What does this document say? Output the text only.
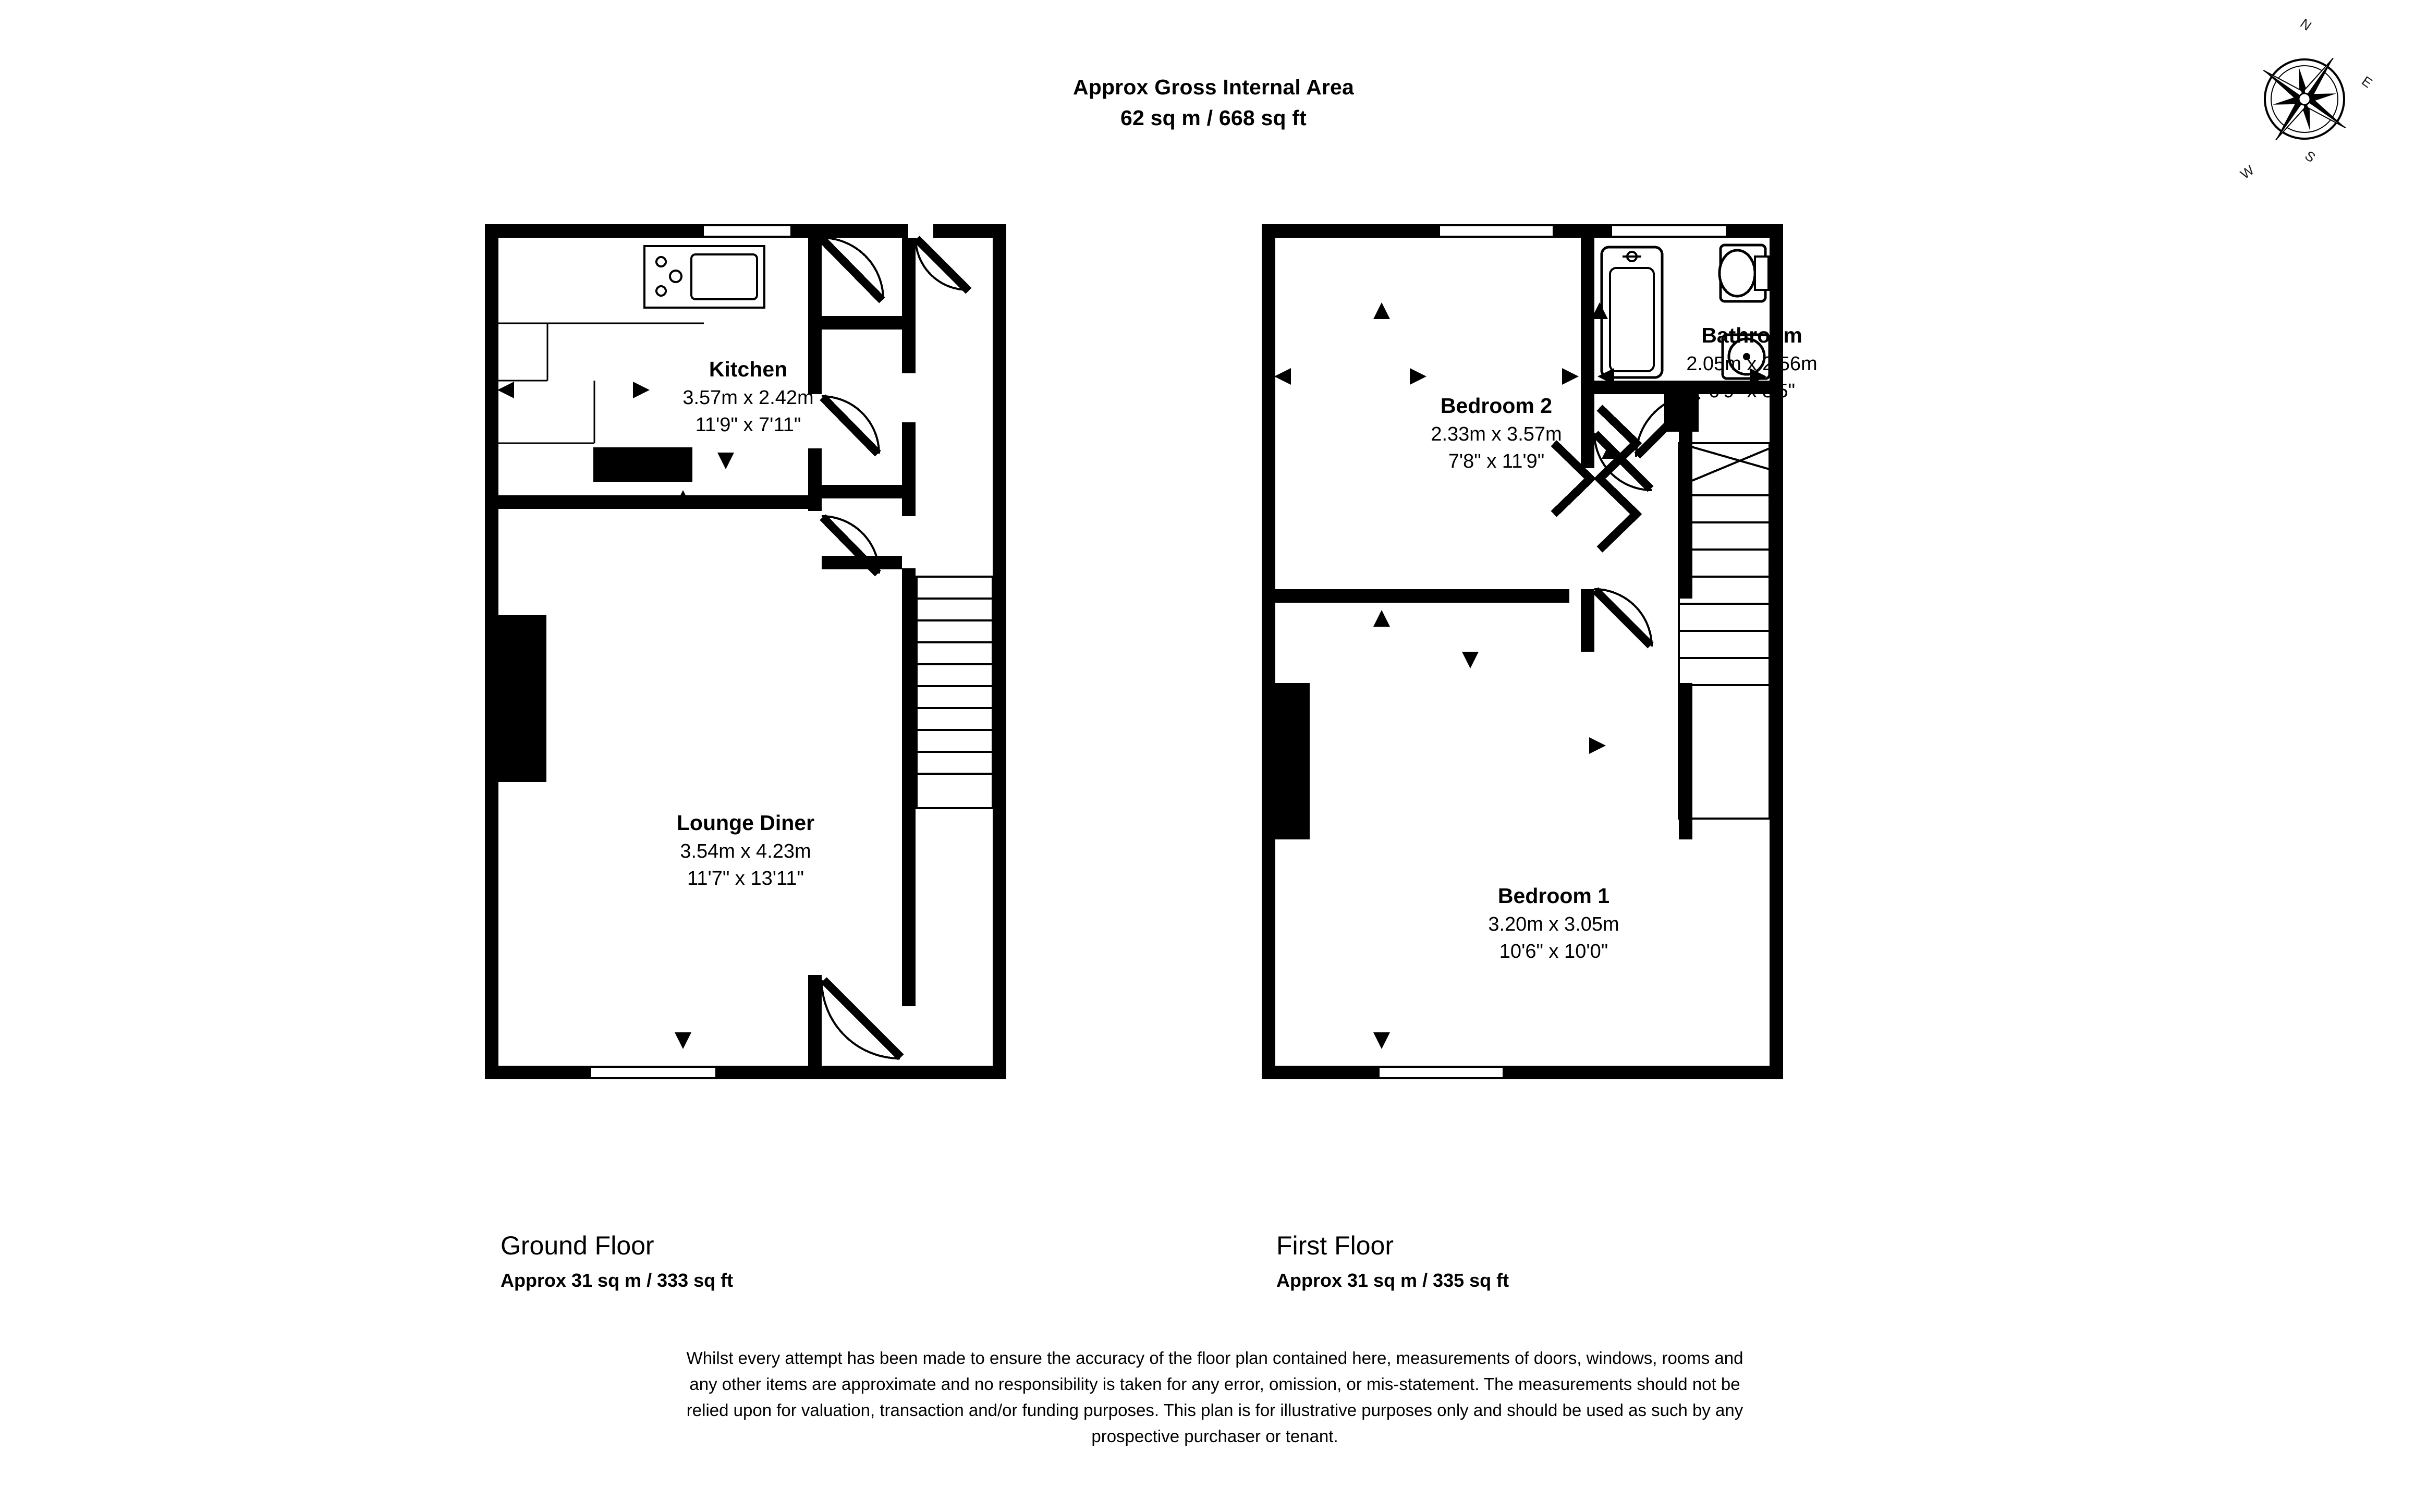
Approx Gross Internal Area
62 sq m / 668 sq ft
N
E
S
W
Kitchen
3.57m x 2.42m
11'9" x 7'11"
Lounge Diner
3.54m x 4.23m
11'7" x 13'11"
Bedroom 2
2.33m x 3.57m
7'8" x 11'9"
Bathroom
2.05m x 2.56m
6'9" x 8'5"
Bedroom 1
3.20m x 3.05m
10'6" x 10'0"
Ground Floor
Approx 31 sq m / 333 sq ft
First Floor
Approx 31 sq m / 335 sq ft
Whilst every attempt has been made to ensure the accuracy of the floor plan contained here, measurements of doors, windows, rooms and
any other items are approximate and no responsibility is taken for any error, omission, or mis-statement. The measurements should not be
relied upon for valuation, transaction and/or funding purposes. This plan is for illustrative purposes only and should be used as such by any
prospective purchaser or tenant.
